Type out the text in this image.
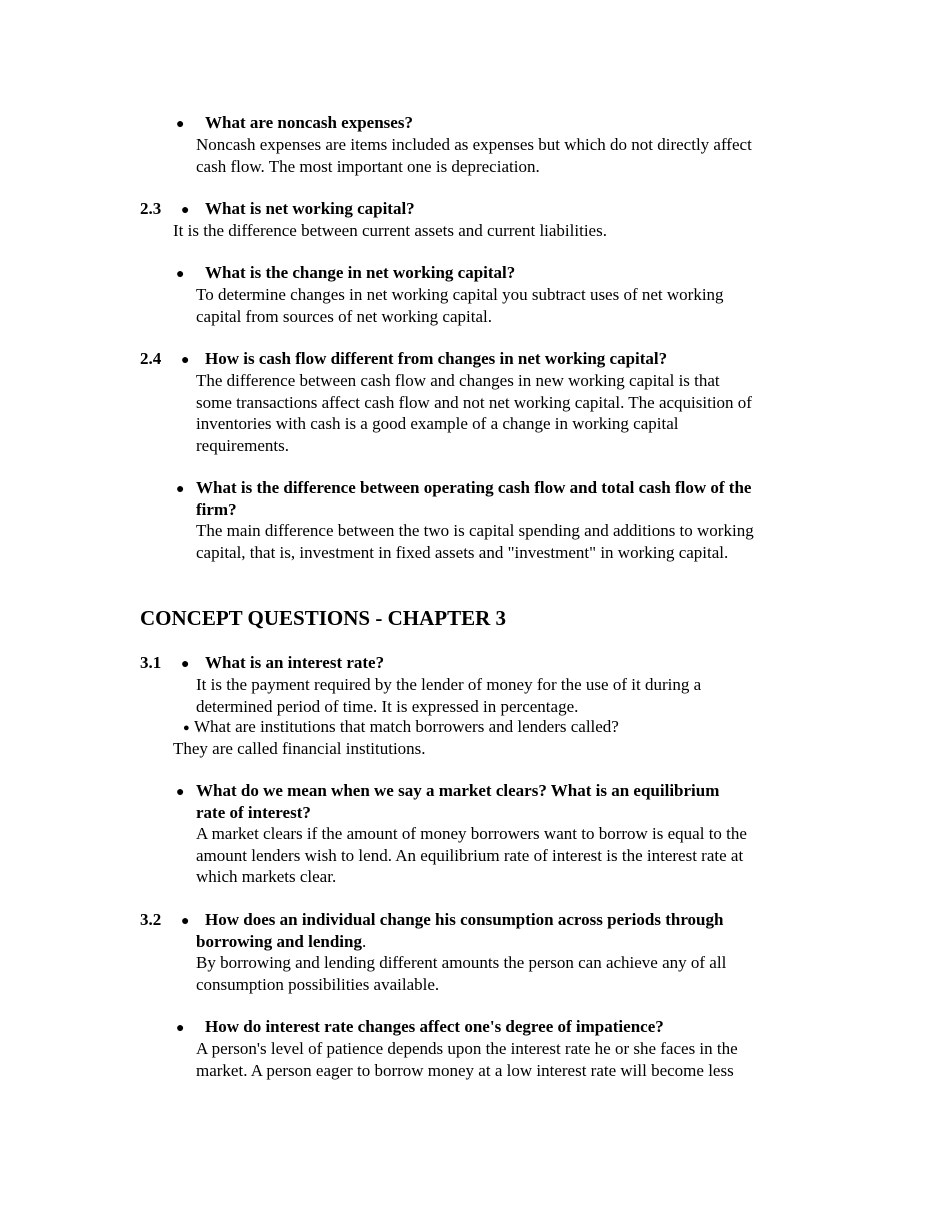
● What are noncash expenses?
Noncash expenses are items included as expenses but which do not directly affect
cash flow. The most important one is depreciation.
2.3 ● What is net working capital?
It is the difference between current assets and current liabilities.
● What is the change in net working capital?
To determine changes in net working capital you subtract uses of net working
capital from sources of net working capital.
2.4 ● How is cash flow different from changes in net working capital?
The difference between cash flow and changes in new working capital is that
some transactions affect cash flow and not net working capital. The acquisition of
inventories with cash is a good example of a change in working capital
requirements.
● What is the difference between operating cash flow and total cash flow of the
firm?
The main difference between the two is capital spending and additions to working
capital, that is, investment in fixed assets and "investment" in working capital.
CONCEPT QUESTIONS - CHAPTER 3
3.1 ● What is an interest rate?
It is the payment required by the lender of money for the use of it during a
determined period of time. It is expressed in percentage.
● What are institutions that match borrowers and lenders called?
They are called financial institutions.
● What do we mean when we say a market clears? What is an equilibrium
rate of interest?
A market clears if the amount of money borrowers want to borrow is equal to the
amount lenders wish to lend. An equilibrium rate of interest is the interest rate at
which markets clear.
3.2 ● How does an individual change his consumption across periods through
borrowing and lending.
By borrowing and lending different amounts the person can achieve any of all
consumption possibilities available.
● How do interest rate changes affect one's degree of impatience?
A person's level of patience depends upon the interest rate he or she faces in the
market. A person eager to borrow money at a low interest rate will become less
